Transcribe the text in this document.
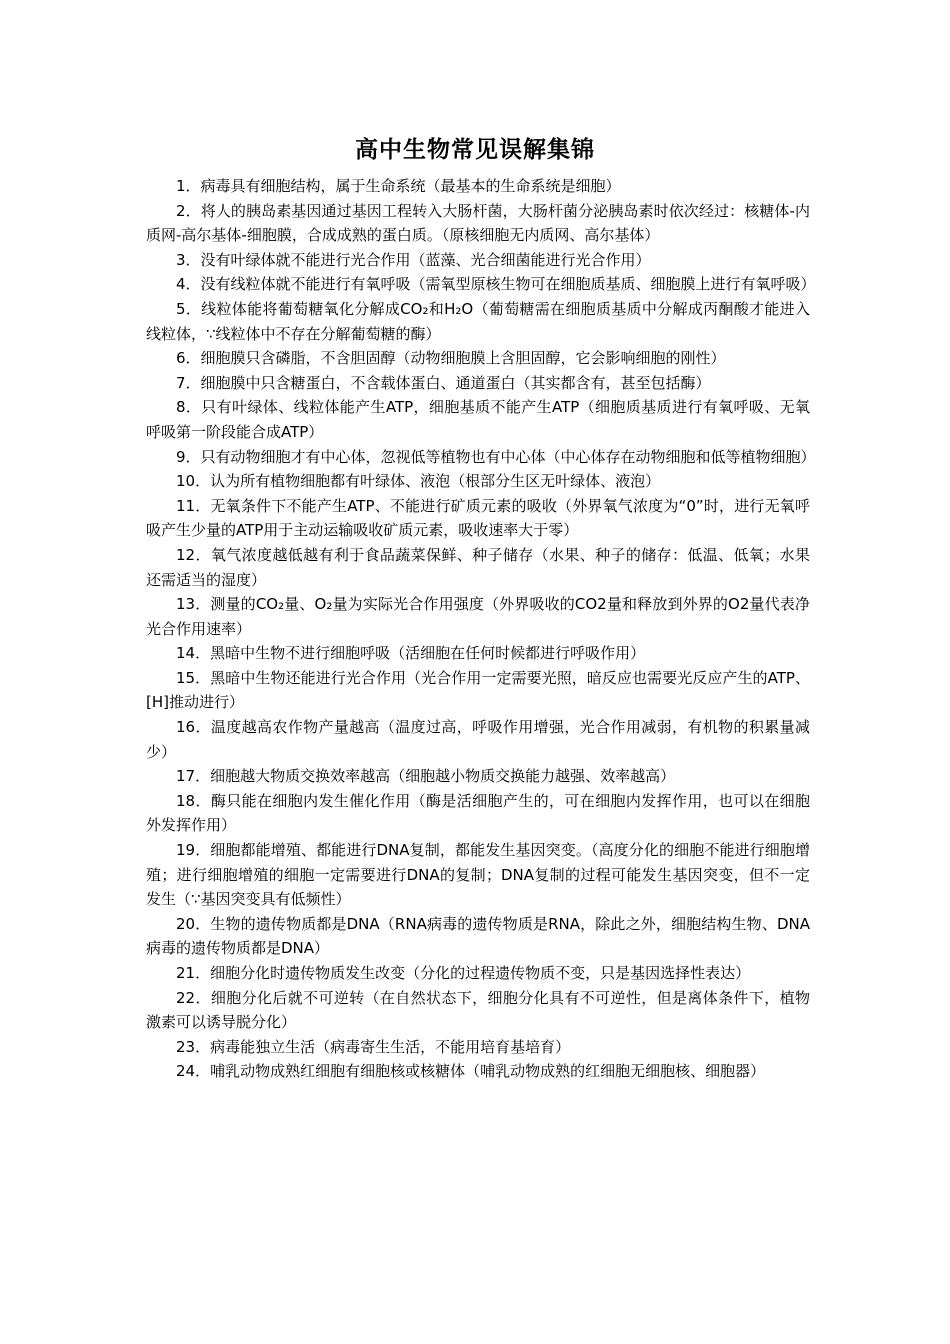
高中生物常见误解集锦

1．病毒具有细胞结构，属于生命系统（最基本的生命系统是细胞）

2．将人的胰岛素基因通过基因工程转入大肠杆菌，大肠杆菌分泌胰岛素时依次经过：核糖体-内质网-高尔基体-细胞膜，合成成熟的蛋白质。（原核细胞无内质网、高尔基体）

3．没有叶绿体就不能进行光合作用（蓝藻、光合细菌能进行光合作用）

4．没有线粒体就不能进行有氧呼吸（需氧型原核生物可在细胞质基质、细胞膜上进行有氧呼吸）

5．线粒体能将葡萄糖氧化分解成CO₂和H₂O（葡萄糖需在细胞质基质中分解成丙酮酸才能进入线粒体，∵线粒体中不存在分解葡萄糖的酶）

6．细胞膜只含磷脂，不含胆固醇（动物细胞膜上含胆固醇，它会影响细胞的刚性）

7．细胞膜中只含糖蛋白，不含载体蛋白、通道蛋白（其实都含有，甚至包括酶）

8．只有叶绿体、线粒体能产生ATP，细胞基质不能产生ATP（细胞质基质进行有氧呼吸、无氧呼吸第一阶段能合成ATP）

9．只有动物细胞才有中心体，忽视低等植物也有中心体（中心体存在动物细胞和低等植物细胞）

10．认为所有植物细胞都有叶绿体、液泡（根部分生区无叶绿体、液泡）

11．无氧条件下不能产生ATP、不能进行矿质元素的吸收（外界氧气浓度为“0”时，进行无氧呼吸产生少量的ATP用于主动运输吸收矿质元素，吸收速率大于零）

12．氧气浓度越低越有利于食品蔬菜保鲜、种子储存（水果、种子的储存：低温、低氧；水果还需适当的湿度）

13．测量的CO₂量、O₂量为实际光合作用强度（外界吸收的CO2量和释放到外界的O2量代表净光合作用速率）

14．黑暗中生物不进行细胞呼吸（活细胞在任何时候都进行呼吸作用）

15．黑暗中生物还能进行光合作用（光合作用一定需要光照，暗反应也需要光反应产生的ATP、[H]推动进行）

16．温度越高农作物产量越高（温度过高，呼吸作用增强，光合作用减弱，有机物的积累量减少）

17．细胞越大物质交换效率越高（细胞越小物质交换能力越强、效率越高）

18．酶只能在细胞内发生催化作用（酶是活细胞产生的，可在细胞内发挥作用，也可以在细胞外发挥作用）

19．细胞都能增殖、都能进行DNA复制，都能发生基因突变。（高度分化的细胞不能进行细胞增殖；进行细胞增殖的细胞一定需要进行DNA的复制；DNA复制的过程可能发生基因突变，但不一定发生（∵基因突变具有低频性）

20．生物的遗传物质都是DNA（RNA病毒的遗传物质是RNA，除此之外，细胞结构生物、DNA病毒的遗传物质都是DNA）

21．细胞分化时遗传物质发生改变（分化的过程遗传物质不变，只是基因选择性表达）

22．细胞分化后就不可逆转（在自然状态下，细胞分化具有不可逆性，但是离体条件下，植物激素可以诱导脱分化）

23．病毒能独立生活（病毒寄生生活，不能用培育基培育）

24．哺乳动物成熟红细胞有细胞核或核糖体（哺乳动物成熟的红细胞无细胞核、细胞器）
